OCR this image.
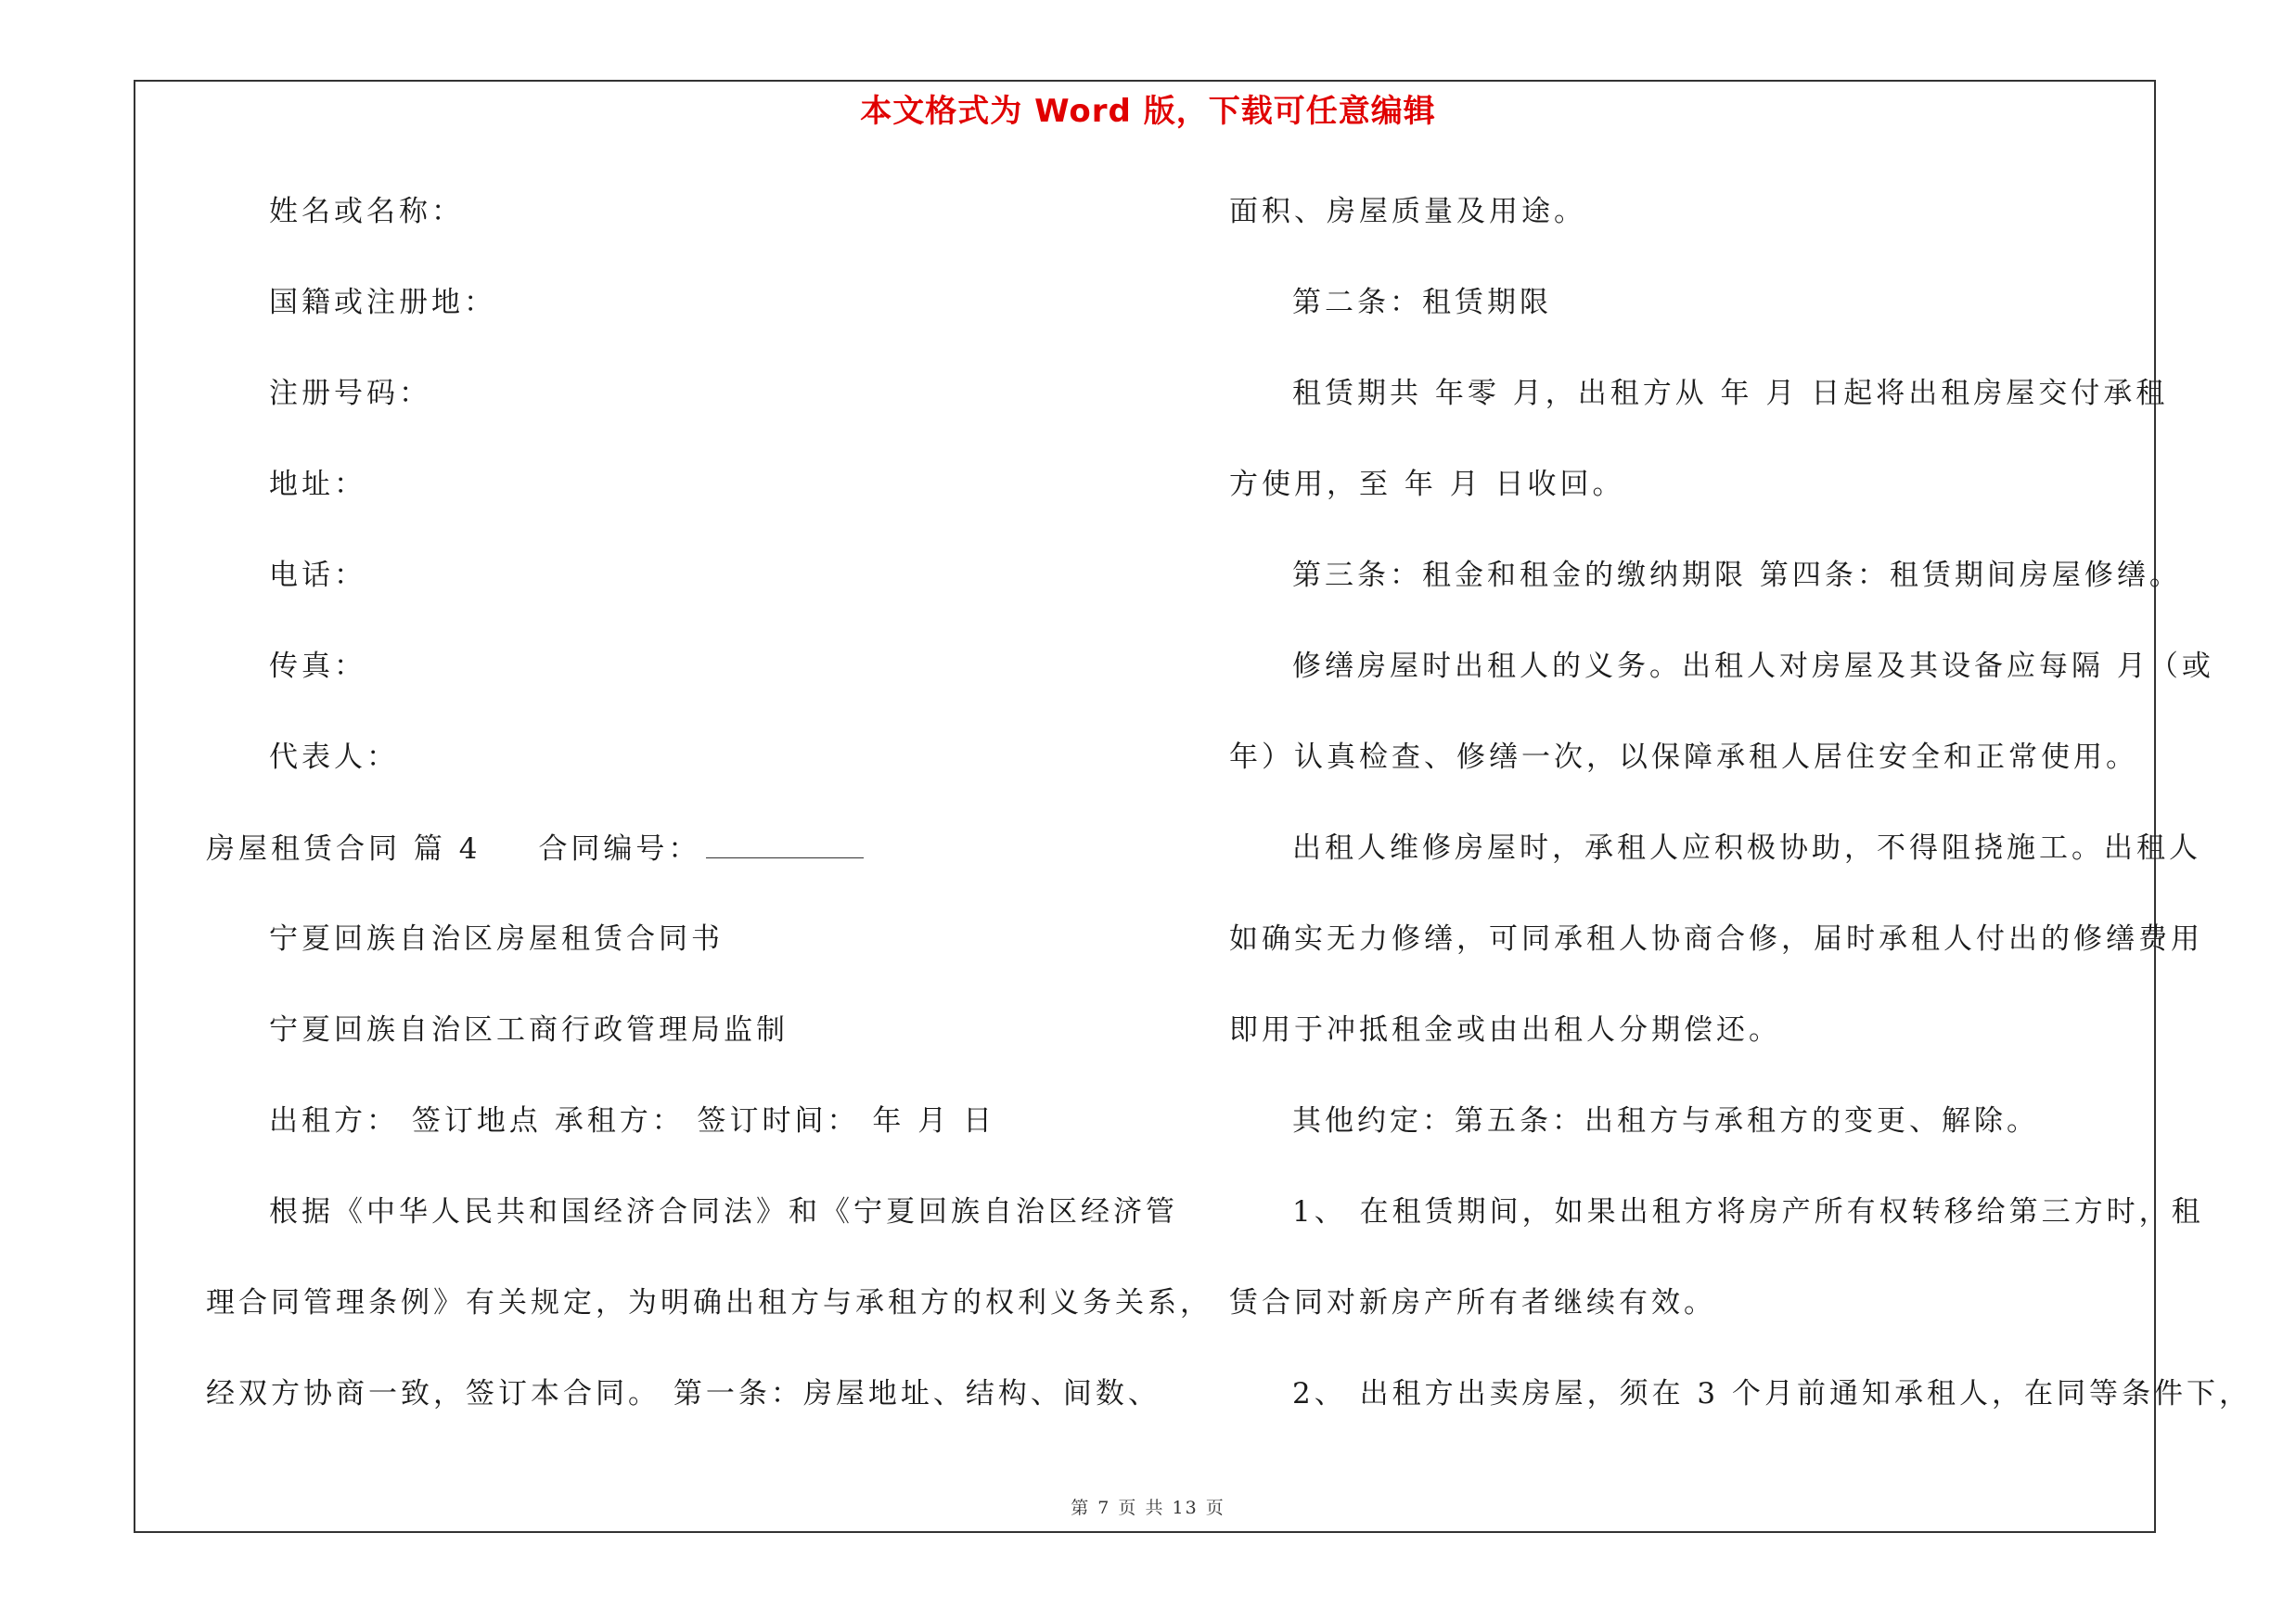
本文格式为 Word 版，下载可任意编辑
姓名或名称：
国籍或注册地：
注册号码：
地址：
电话：
传真：
代表人：
房屋租赁合同 篇 4 合同编号：
宁夏回族自治区房屋租赁合同书
宁夏回族自治区工商行政管理局监制
出租方： 签订地点 承租方： 签订时间： 年 月 日
根据《中华人民共和国经济合同法》和《宁夏回族自治区经济管
理合同管理条例》有关规定，为明确出租方与承租方的权利义务关系，
经双方协商一致，签订本合同。 第一条：房屋地址、结构、间数、
面积、房屋质量及用途。
第二条：租赁期限
租赁期共 年零 月，出租方从 年 月 日起将出租房屋交付承租
方使用，至 年 月 日收回。
第三条：租金和租金的缴纳期限 第四条：租赁期间房屋修缮。
修缮房屋时出租人的义务。出租人对房屋及其设备应每隔 月（或
年）认真检查、修缮一次，以保障承租人居住安全和正常使用。
出租人维修房屋时，承租人应积极协助，不得阻挠施工。出租人
如确实无力修缮，可同承租人协商合修，届时承租人付出的修缮费用
即用于冲抵租金或由出租人分期偿还。
其他约定：第五条：出租方与承租方的变更、解除。
1、 在租赁期间，如果出租方将房产所有权转移给第三方时，租
赁合同对新房产所有者继续有效。
2、 出租方出卖房屋，须在 3 个月前通知承租人，在同等条件下，
第 7 页 共 13 页
